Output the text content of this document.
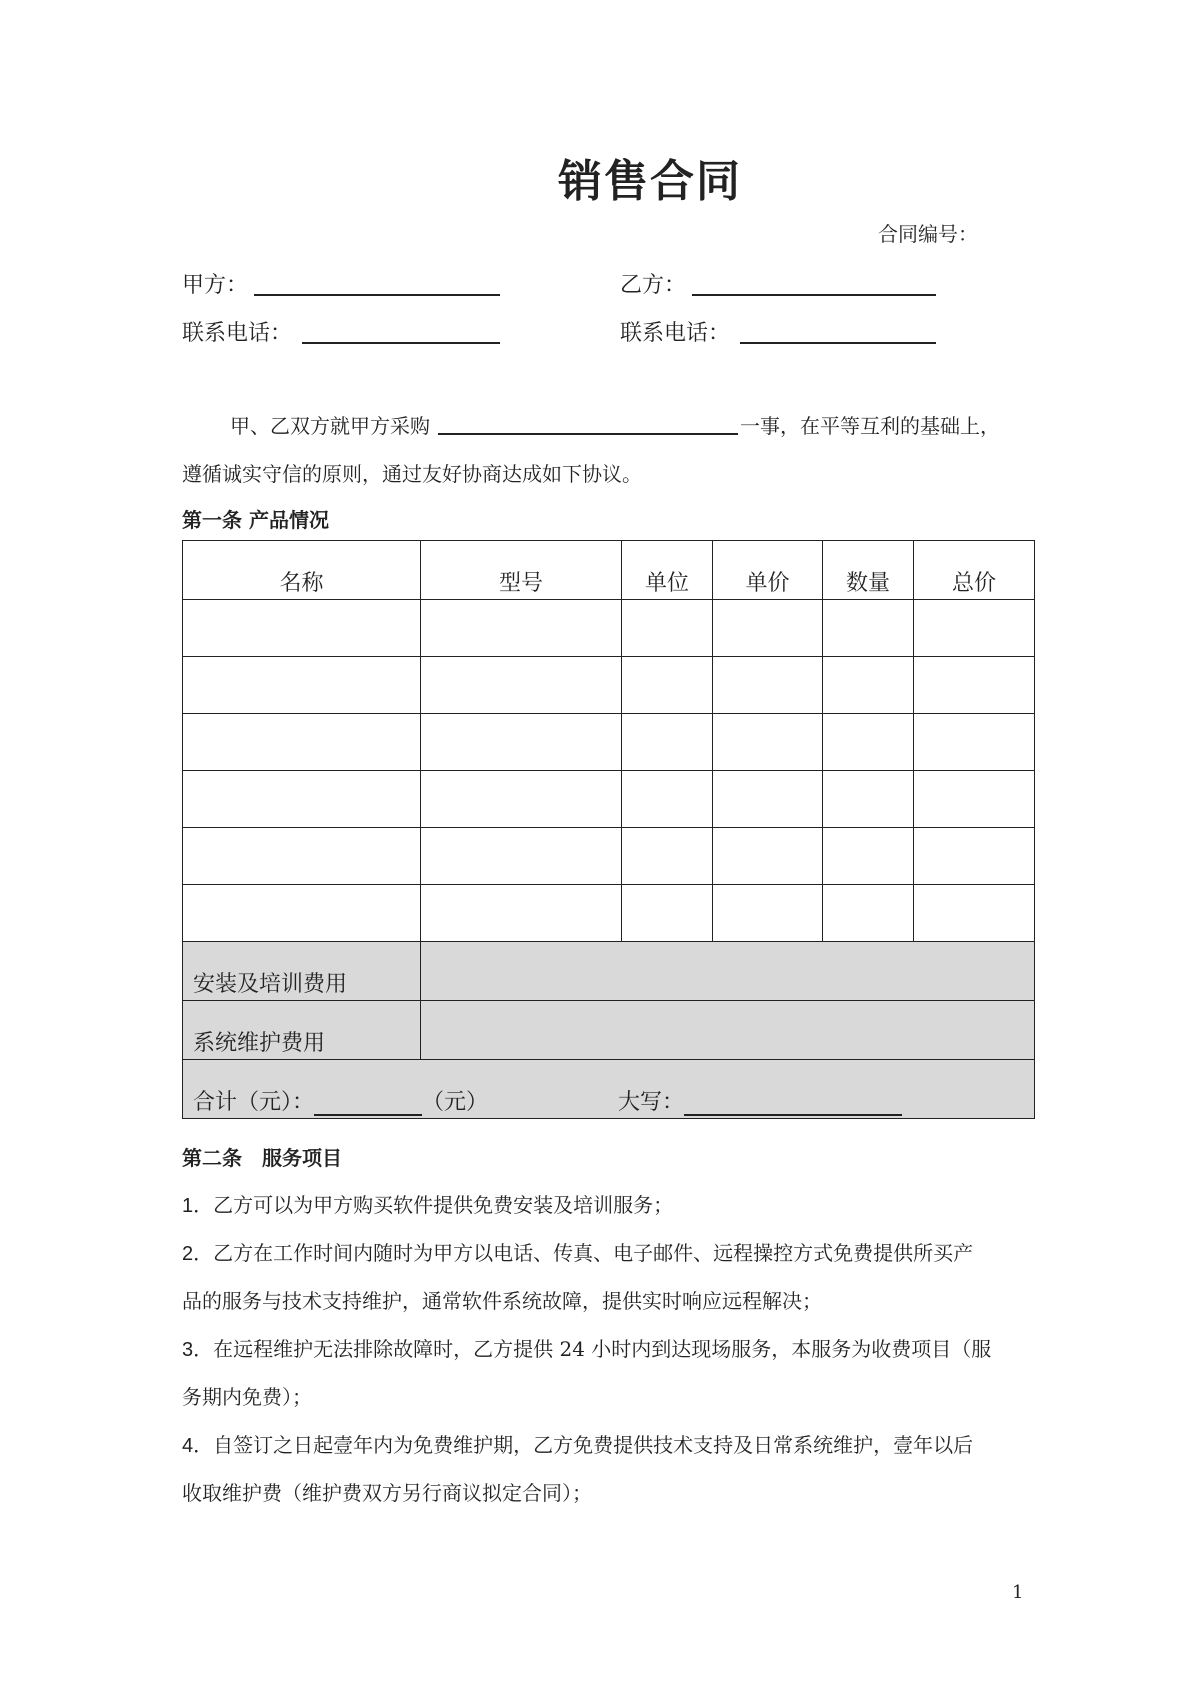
销售合同
合同编号：
甲方：	乙方：
联系电话：	联系电话：
甲、乙双方就甲方采购	一事，在平等互利的基础上，
遵循诚实守信的原则，通过友好协商达成如下协议。
第一条 产品情况
名称	型号	单位	单价	数量	总价

安装及培训费用					
系统维护费用					

合计（元）： （元） 大写：					
第二条　服务项目
1．乙方可以为甲方购买软件提供免费安装及培训服务；
2．乙方在工作时间内随时为甲方以电话、传真、电子邮件、远程操控方式免费提供所买产
品的服务与技术支持维护，通常软件系统故障，提供实时响应远程解决；
3．在远程维护无法排除故障时，乙方提供 24 小时内到达现场服务，本服务为收费项目（服
务期内免费）；
4．自签订之日起壹年内为免费维护期，乙方免费提供技术支持及日常系统维护，壹年以后
收取维护费（维护费双方另行商议拟定合同）；
1
